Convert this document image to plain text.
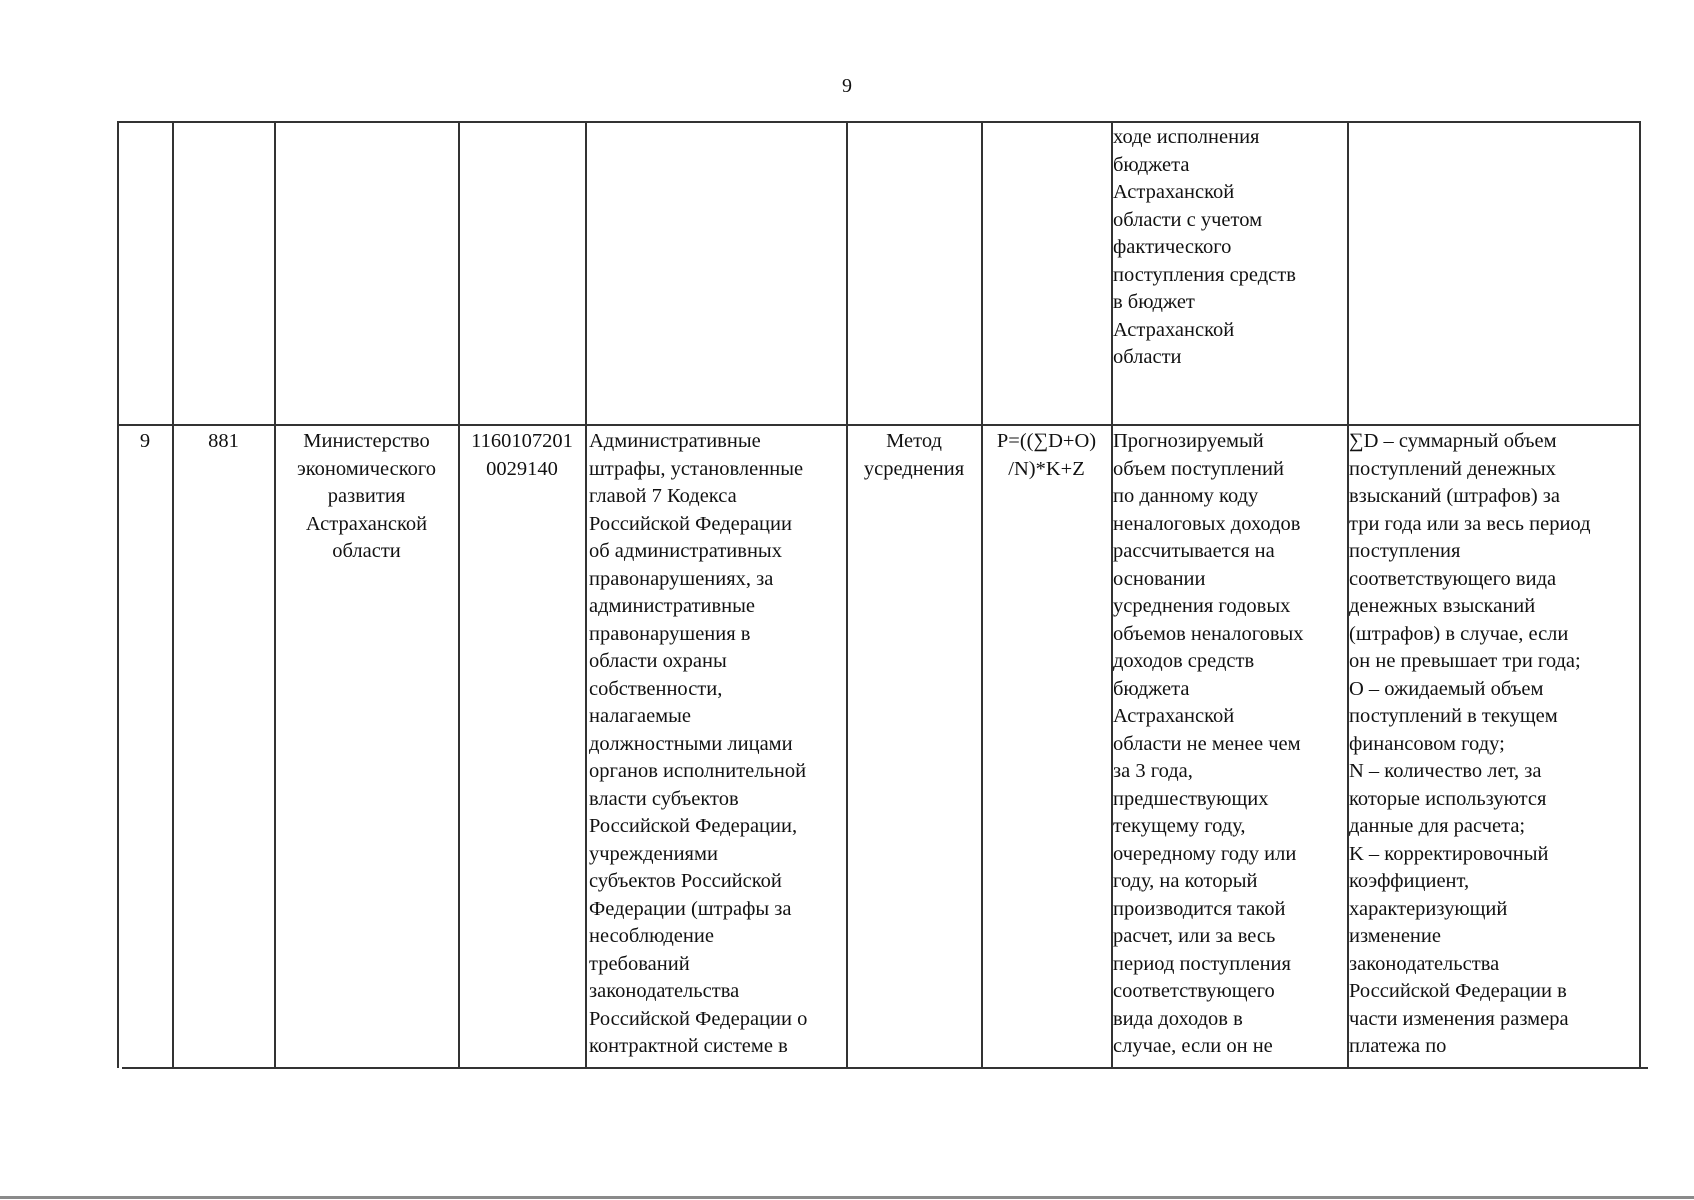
9
ходе исполнения
бюджета
Астраханской
области с учетом
фактического
поступления средств
в бюджет
Астраханской
области
9	881	Министерство
экономического
развития
Астраханской
области
1160107201
0029140
Административные
штрафы, установленные
главой 7 Кодекса
Российской Федерации
об административных
правонарушениях, за
административные
правонарушения в
области охраны
собственности,
налагаемые
должностными лицами
органов исполнительной
власти субъектов
Российской Федерации,
учреждениями
субъектов Российской
Федерации (штрафы за
несоблюдение
требований
законодательства
Российской Федерации о
контрактной системе в
Метод
усреднения
P=((∑D+O)
/N)*K+Z
Прогнозируемый
объем поступлений
по данному коду
неналоговых доходов
рассчитывается на
основании
усреднения годовых
объемов неналоговых
доходов средств
бюджета
Астраханской
области не менее чем
за 3 года,
предшествующих
текущему году,
очередному году или
году, на который
производится такой
расчет, или за весь
период поступления
соответствующего
вида доходов в
случае, если он не
∑D – суммарный объем
поступлений денежных
взысканий (штрафов) за
три года или за весь период
поступления
соответствующего вида
денежных взысканий
(штрафов) в случае, если
он не превышает три года;
O – ожидаемый объем
поступлений в текущем
финансовом году;
N – количество лет, за
которые используются
данные для расчета;
K – корректировочный
коэффициент,
характеризующий
изменение
законодательства
Российской Федерации в
части изменения размера
платежа по
